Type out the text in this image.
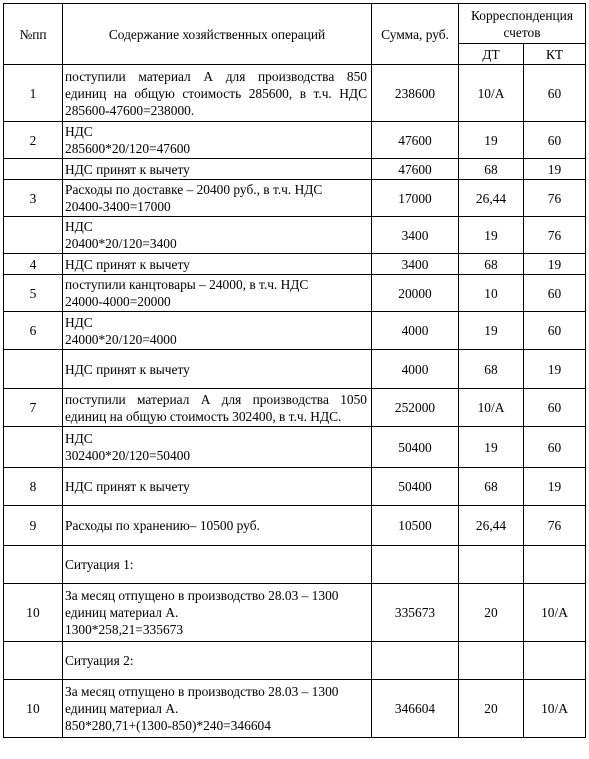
№пп	Содержание хозяйственных операций	Сумма, руб.	Корреспонденция счетов	
			ДТ	КТ
1	поступили материал А для производства 850
единиц на общую стоимость 285600, в т.ч. НДС
285600-47600=238000.	238600	10/А	60
2	НДС
285600*20/120=47600	47600	19	60

	НДС принят к вычету	47600	68	19
3	Расходы по доставке – 20400 руб., в т.ч. НДС
20400-3400=17000	17000	26,44	76

	НДС
20400*20/120=3400	3400	19	76
4	НДС принят к вычету	3400	68	19
5	поступили канцтовары – 24000, в т.ч. НДС
24000-4000=20000	20000	10	60
6	НДС
24000*20/120=4000	4000	19	60

	НДС принят к вычету	4000	68	19
7	поступили материал А для производства 1050
единиц на общую стоимость 302400, в т.ч. НДС.	252000	10/А	60

	НДС
302400*20/120=50400	50400	19	60
8	НДС принят к вычету	50400	68	19
9	Расходы по хранению– 10500 руб.	10500	26,44	76

	Ситуация 1:			

10	За месяц отпущено в производство 28.03 – 1300
единиц материал А.
1300*258,21=335673	335673	20	10/А

	Ситуация 2:			

10	За месяц отпущено в производство 28.03 – 1300
единиц материал А.
850*280,71+(1300-850)*240=346604	346604	20	10/А
